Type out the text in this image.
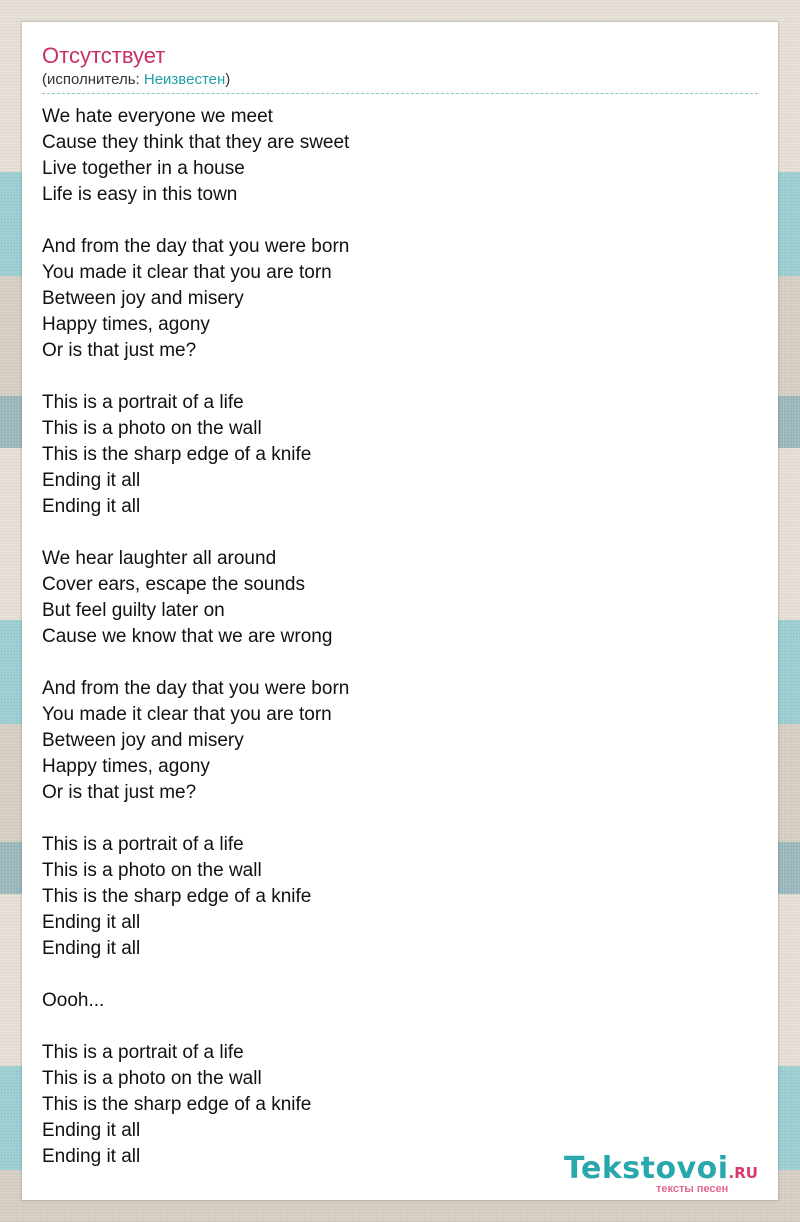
Отсутствует
(исполнитель: Неизвестен)
We hate everyone we meet
Cause they think that they are sweet
Live together in a house
Life is easy in this town
And from the day that you were born
You made it clear that you are torn
Between joy and misery
Happy times, agony
Or is that just me?
This is a portrait of a life
This is a photo on the wall
This is the sharp edge of a knife
Ending it all
Ending it all
We hear laughter all around
Cover ears, escape the sounds
But feel guilty later on
Cause we know that we are wrong
And from the day that you were born
You made it clear that you are torn
Between joy and misery
Happy times, agony
Or is that just me?
This is a portrait of a life
This is a photo on the wall
This is the sharp edge of a knife
Ending it all
Ending it all
Oooh...
This is a portrait of a life
This is a photo on the wall
This is the sharp edge of a knife
Ending it all
Ending it all	Tekstovoi.RU
тексты песен
